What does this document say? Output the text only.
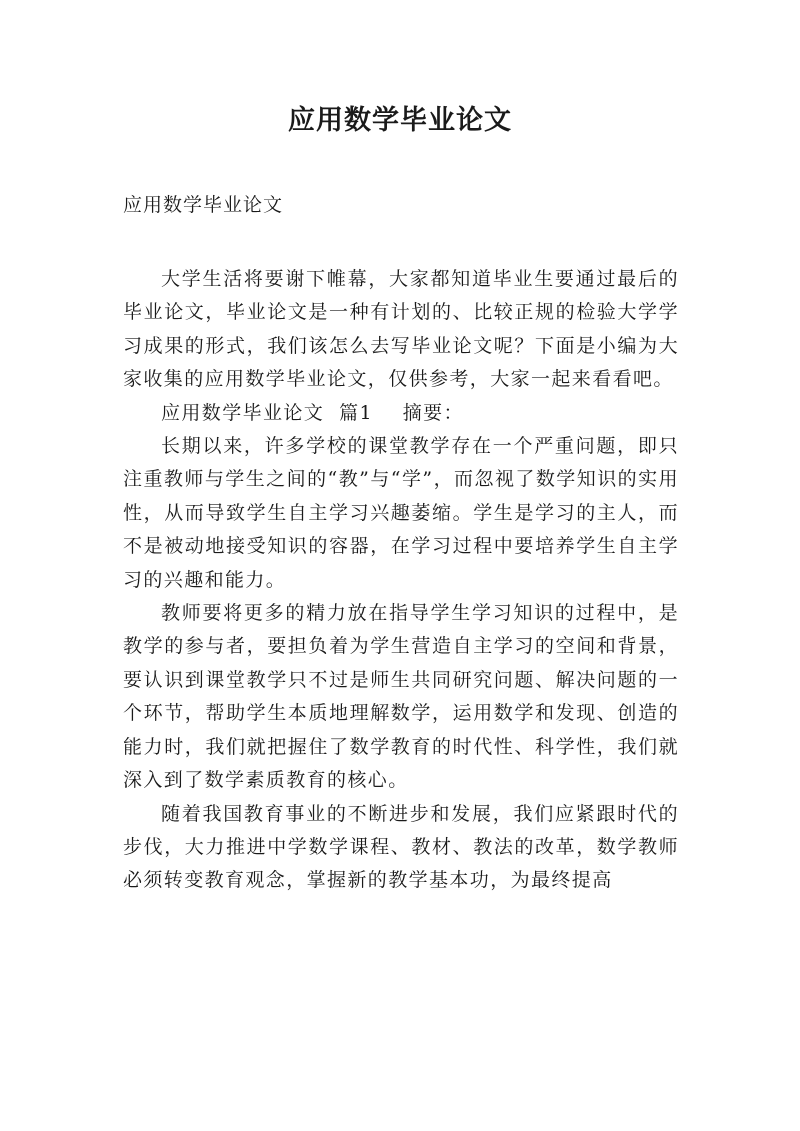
应用数学毕业论文
应用数学毕业论文

大学生活将要谢下帷幕，大家都知道毕业生要通过最后的毕业论文，毕业论文是一种有计划的、比较正规的检验大学学习成果的形式，我们该怎么去写毕业论文呢？下面是小编为大家收集的应用数学毕业论文，仅供参考，大家一起来看看吧。

应用数学毕业论文  篇1    摘要：

长期以来，许多学校的课堂教学存在一个严重问题，即只注重教师与学生之间的“教”与“学”，而忽视了数学知识的实用性，从而导致学生自主学习兴趣萎缩。学生是学习的主人，而不是被动地接受知识的容器，在学习过程中要培养学生自主学习的兴趣和能力。

教师要将更多的精力放在指导学生学习知识的过程中，是教学的参与者，要担负着为学生营造自主学习的空间和背景，要认识到课堂教学只不过是师生共同研究问题、解决问题的一个环节，帮助学生本质地理解数学，运用数学和发现、创造的能力时，我们就把握住了数学教育的时代性、科学性，我们就深入到了数学素质教育的核心。

随着我国教育事业的不断进步和发展，我们应紧跟时代的步伐，大力推进中学数学课程、教材、教法的改革，数学教师必须转变教育观念，掌握新的教学基本功，为最终提高
